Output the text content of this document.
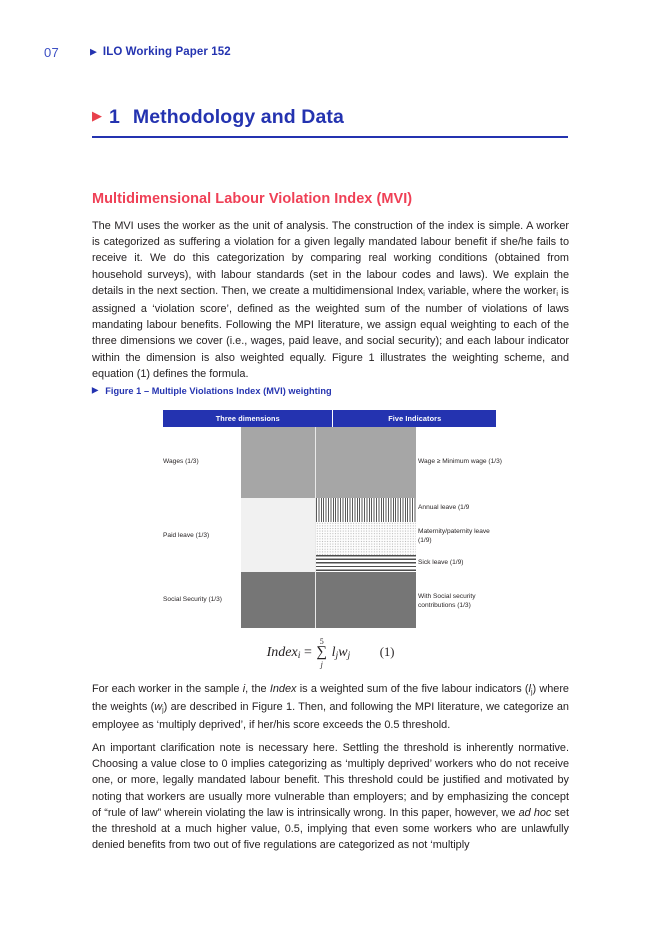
07	▶ ILO Working Paper 152
▶ 1 Methodology and Data
Multidimensional Labour Violation Index (MVI)
The MVI uses the worker as the unit of analysis. The construction of the index is simple. A worker is categorized as suffering a violation for a given legally mandated labour benefit if she/he fails to receive it. We do this categorization by comparing real working conditions (obtained from household surveys), with labour standards (set in the labour codes and laws). We explain the details in the next section. Then, we create a multidimensional Index$_i$ variable, where the worker$_i$ is assigned a ‘violation score’, defined as the weighted sum of the number of violations of laws mandating labour benefits. Following the MPI literature, we assign equal weighting to each of the three dimensions we cover (i.e., wages, paid leave, and social security); and each labour indicator within the dimension is also weighted equally. Figure 1 illustrates the weighting scheme, and equation (1) defines the formula.
▶ Figure 1 – Multiple Violations Index (MVI) weighting
Three dimensions	Five Indicators
Wages (1/3)
Paid leave (1/3)
Social Security (1/3)
Wage ≥ Minimum wage (1/3)
Annual leave (1/9
Maternity/paternity leave (1/9)
Sick leave (1/9)
With Social security contributions (1/3)
Indexi =
5
∑
j
ljwj (1)
For each worker in the sample i, the Index is a weighted sum of the five labour indicators $(l_j)$ where the weights $(w_j)$ are described in Figure 1. Then, and following the MPI literature, we categorize an employee as ‘multiply deprived’, if her/his score exceeds the 0.5 threshold.
An important clarification note is necessary here. Settling the threshold is inherently normative. Choosing a value close to 0 implies categorizing as ‘multiply deprived’ workers who do not receive one, or more, legally mandated labour benefit. This threshold could be justified and motivated by noting that workers are usually more vulnerable than employers; and by emphasizing the concept of “rule of law” wherein violating the law is intrinsically wrong. In this paper, however, we ad hoc set the threshold at a much higher value, 0.5, implying that even some workers who are unlawfully denied benefits from two out of five regulations are categorized as not ‘multiply
